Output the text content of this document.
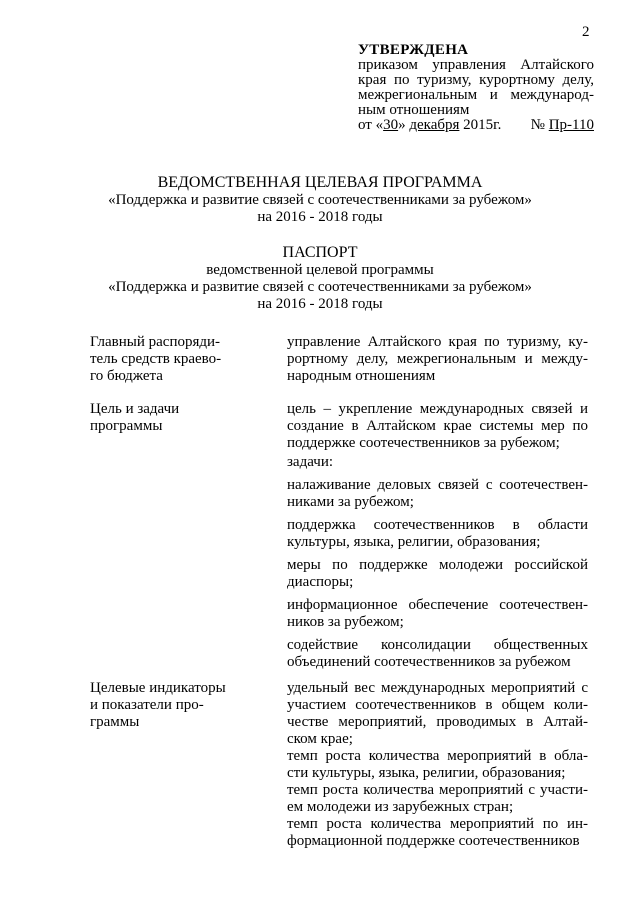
2
УТВЕРЖДЕНА
приказом управления Алтайского
края по туризму, курортному делу,
межрегиональным и международ-
ным отношениям
от «30» декабря 2015г. № Пр-110
ВЕДОМСТВЕННАЯ ЦЕЛЕВАЯ ПРОГРАММА
«Поддержка и развитие связей с соотечественниками за рубежом»
на 2016 - 2018 годы
ПАСПОРТ
ведомственной целевой программы
«Поддержка и развитие связей с соотечественниками за рубежом»
на 2016 - 2018 годы
Главный распоряди-
тель средств краево-
го бюджета
управление Алтайского края по туризму, ку-
рортному делу, межрегиональным и между-
народным отношениям
Цель и задачи
программы
цель – укрепление международных связей и
создание в Алтайском крае системы мер по
поддержке соотечественников за рубежом;
задачи:
налаживание деловых связей с соотечествен-
никами за рубежом;
поддержка соотечественников в области
культуры, языка, религии, образования;
меры по поддержке молодежи российской
диаспоры;
информационное обеспечение соотечествен-
ников за рубежом;
содействие консолидации общественных
объединений соотечественников за рубежом
Целевые индикаторы
и показатели про-
граммы
удельный вес международных мероприятий с
участием соотечественников в общем коли-
честве мероприятий, проводимых в Алтай-
ском крае;
темп роста количества мероприятий в обла-
сти культуры, языка, религии, образования;
темп роста количества мероприятий с участи-
ем молодежи из зарубежных стран;
темп роста количества мероприятий по ин-
формационной поддержке соотечественников
